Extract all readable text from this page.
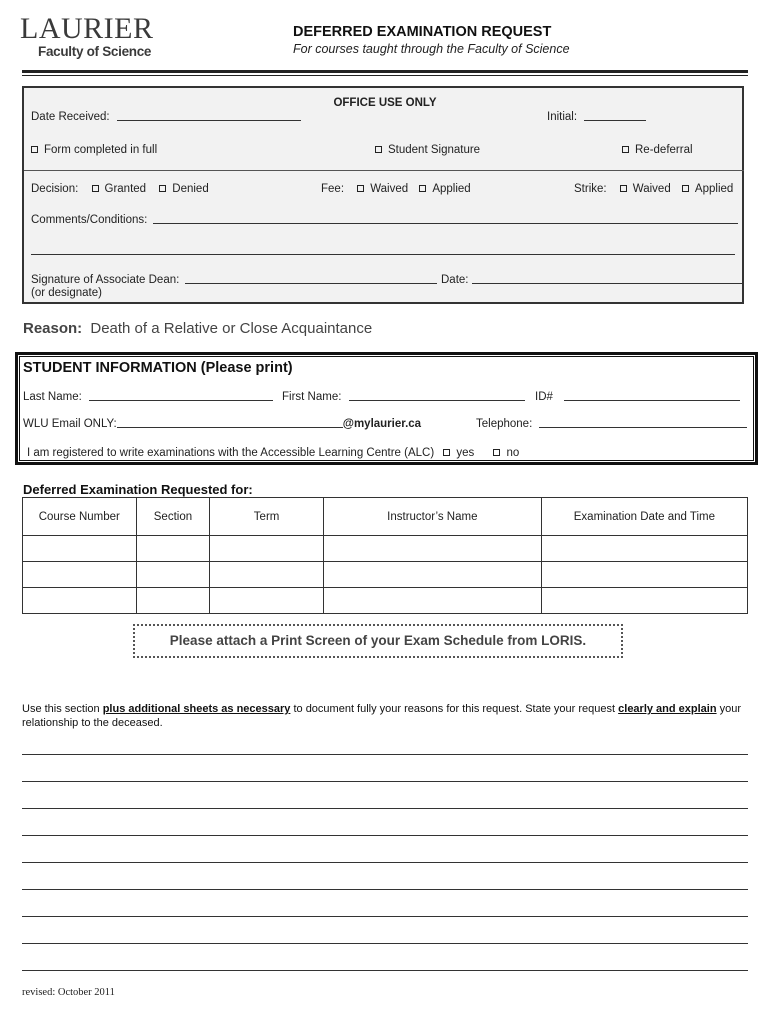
LAURIER
Faculty of Science
DEFERRED EXAMINATION REQUEST
For courses taught through the Faculty of Science
OFFICE USE ONLY
Date Received:	Initial:
Form completed in full	Student Signature	Re-deferral
Decision: Granted Denied	Fee: Waived Applied	Strike: Waived Applied
Comments/Conditions:
Signature of Associate Dean:
(or designate)
Date:
Reason: Death of a Relative or Close Acquaintance
STUDENT INFORMATION (Please print)
Last Name:	First Name:	ID#
WLU Email ONLY:	@mylaurier.ca	Telephone:
I am registered to write examinations with the Accessible Learning Centre (ALC) yes	no
Deferred Examination Requested for:
Course Number	Section	Term	Instructor’s Name	Examination Date and Time

Please attach a Print Screen of your Exam Schedule from LORIS.
Use this section plus additional sheets as necessary to document fully your reasons for this request. State your request clearly and explain your relationship to the deceased.
revised: October 2011
